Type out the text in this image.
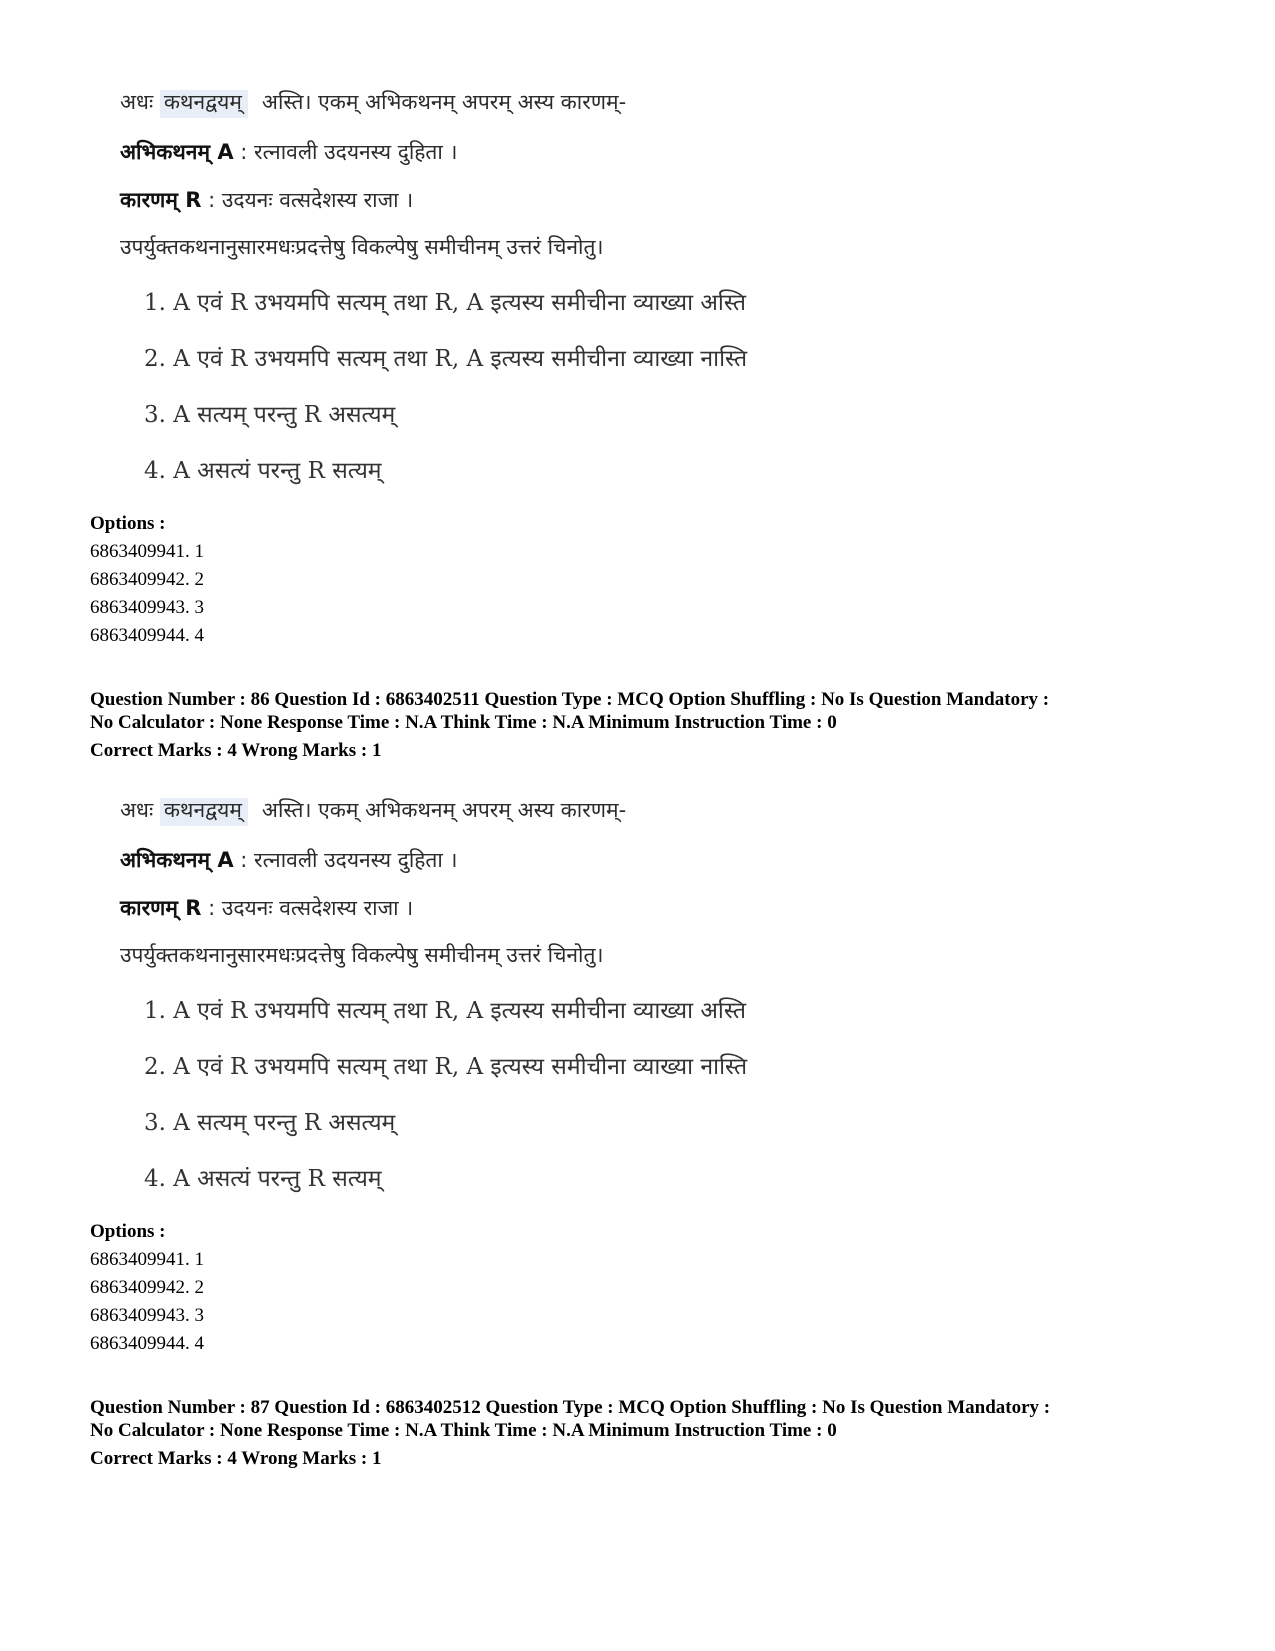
अधः कथनद्वयम् अस्ति। एकम् अभिकथनम् अपरम् अस्य कारणम्-
अभिकथनम् A : रत्नावली उदयनस्य दुहिता ।
कारणम् R : उदयनः वत्सदेशस्य राजा ।
उपर्युक्तकथनानुसारमधःप्रदत्तेषु विकल्पेषु समीचीनम् उत्तरं चिनोतु।
1. A एवं R उभयमपि सत्यम् तथा R, A इत्यस्य समीचीना व्याख्या अस्ति
2. A एवं R उभयमपि सत्यम् तथा R, A इत्यस्य समीचीना व्याख्या नास्ति
3. A सत्यम् परन्तु R असत्यम्
4. A असत्यं परन्तु R सत्यम्
Options :
6863409941. 1
6863409942. 2
6863409943. 3
6863409944. 4
Question Number : 86 Question Id : 6863402511 Question Type : MCQ Option Shuffling : No Is Question Mandatory :
No Calculator : None Response Time : N.A Think Time : N.A Minimum Instruction Time : 0
Correct Marks : 4 Wrong Marks : 1
अधः कथनद्वयम् अस्ति। एकम् अभिकथनम् अपरम् अस्य कारणम्-
अभिकथनम् A : रत्नावली उदयनस्य दुहिता ।
कारणम् R : उदयनः वत्सदेशस्य राजा ।
उपर्युक्तकथनानुसारमधःप्रदत्तेषु विकल्पेषु समीचीनम् उत्तरं चिनोतु।
1. A एवं R उभयमपि सत्यम् तथा R, A इत्यस्य समीचीना व्याख्या अस्ति
2. A एवं R उभयमपि सत्यम् तथा R, A इत्यस्य समीचीना व्याख्या नास्ति
3. A सत्यम् परन्तु R असत्यम्
4. A असत्यं परन्तु R सत्यम्
Options :
6863409941. 1
6863409942. 2
6863409943. 3
6863409944. 4
Question Number : 87 Question Id : 6863402512 Question Type : MCQ Option Shuffling : No Is Question Mandatory :
No Calculator : None Response Time : N.A Think Time : N.A Minimum Instruction Time : 0
Correct Marks : 4 Wrong Marks : 1
